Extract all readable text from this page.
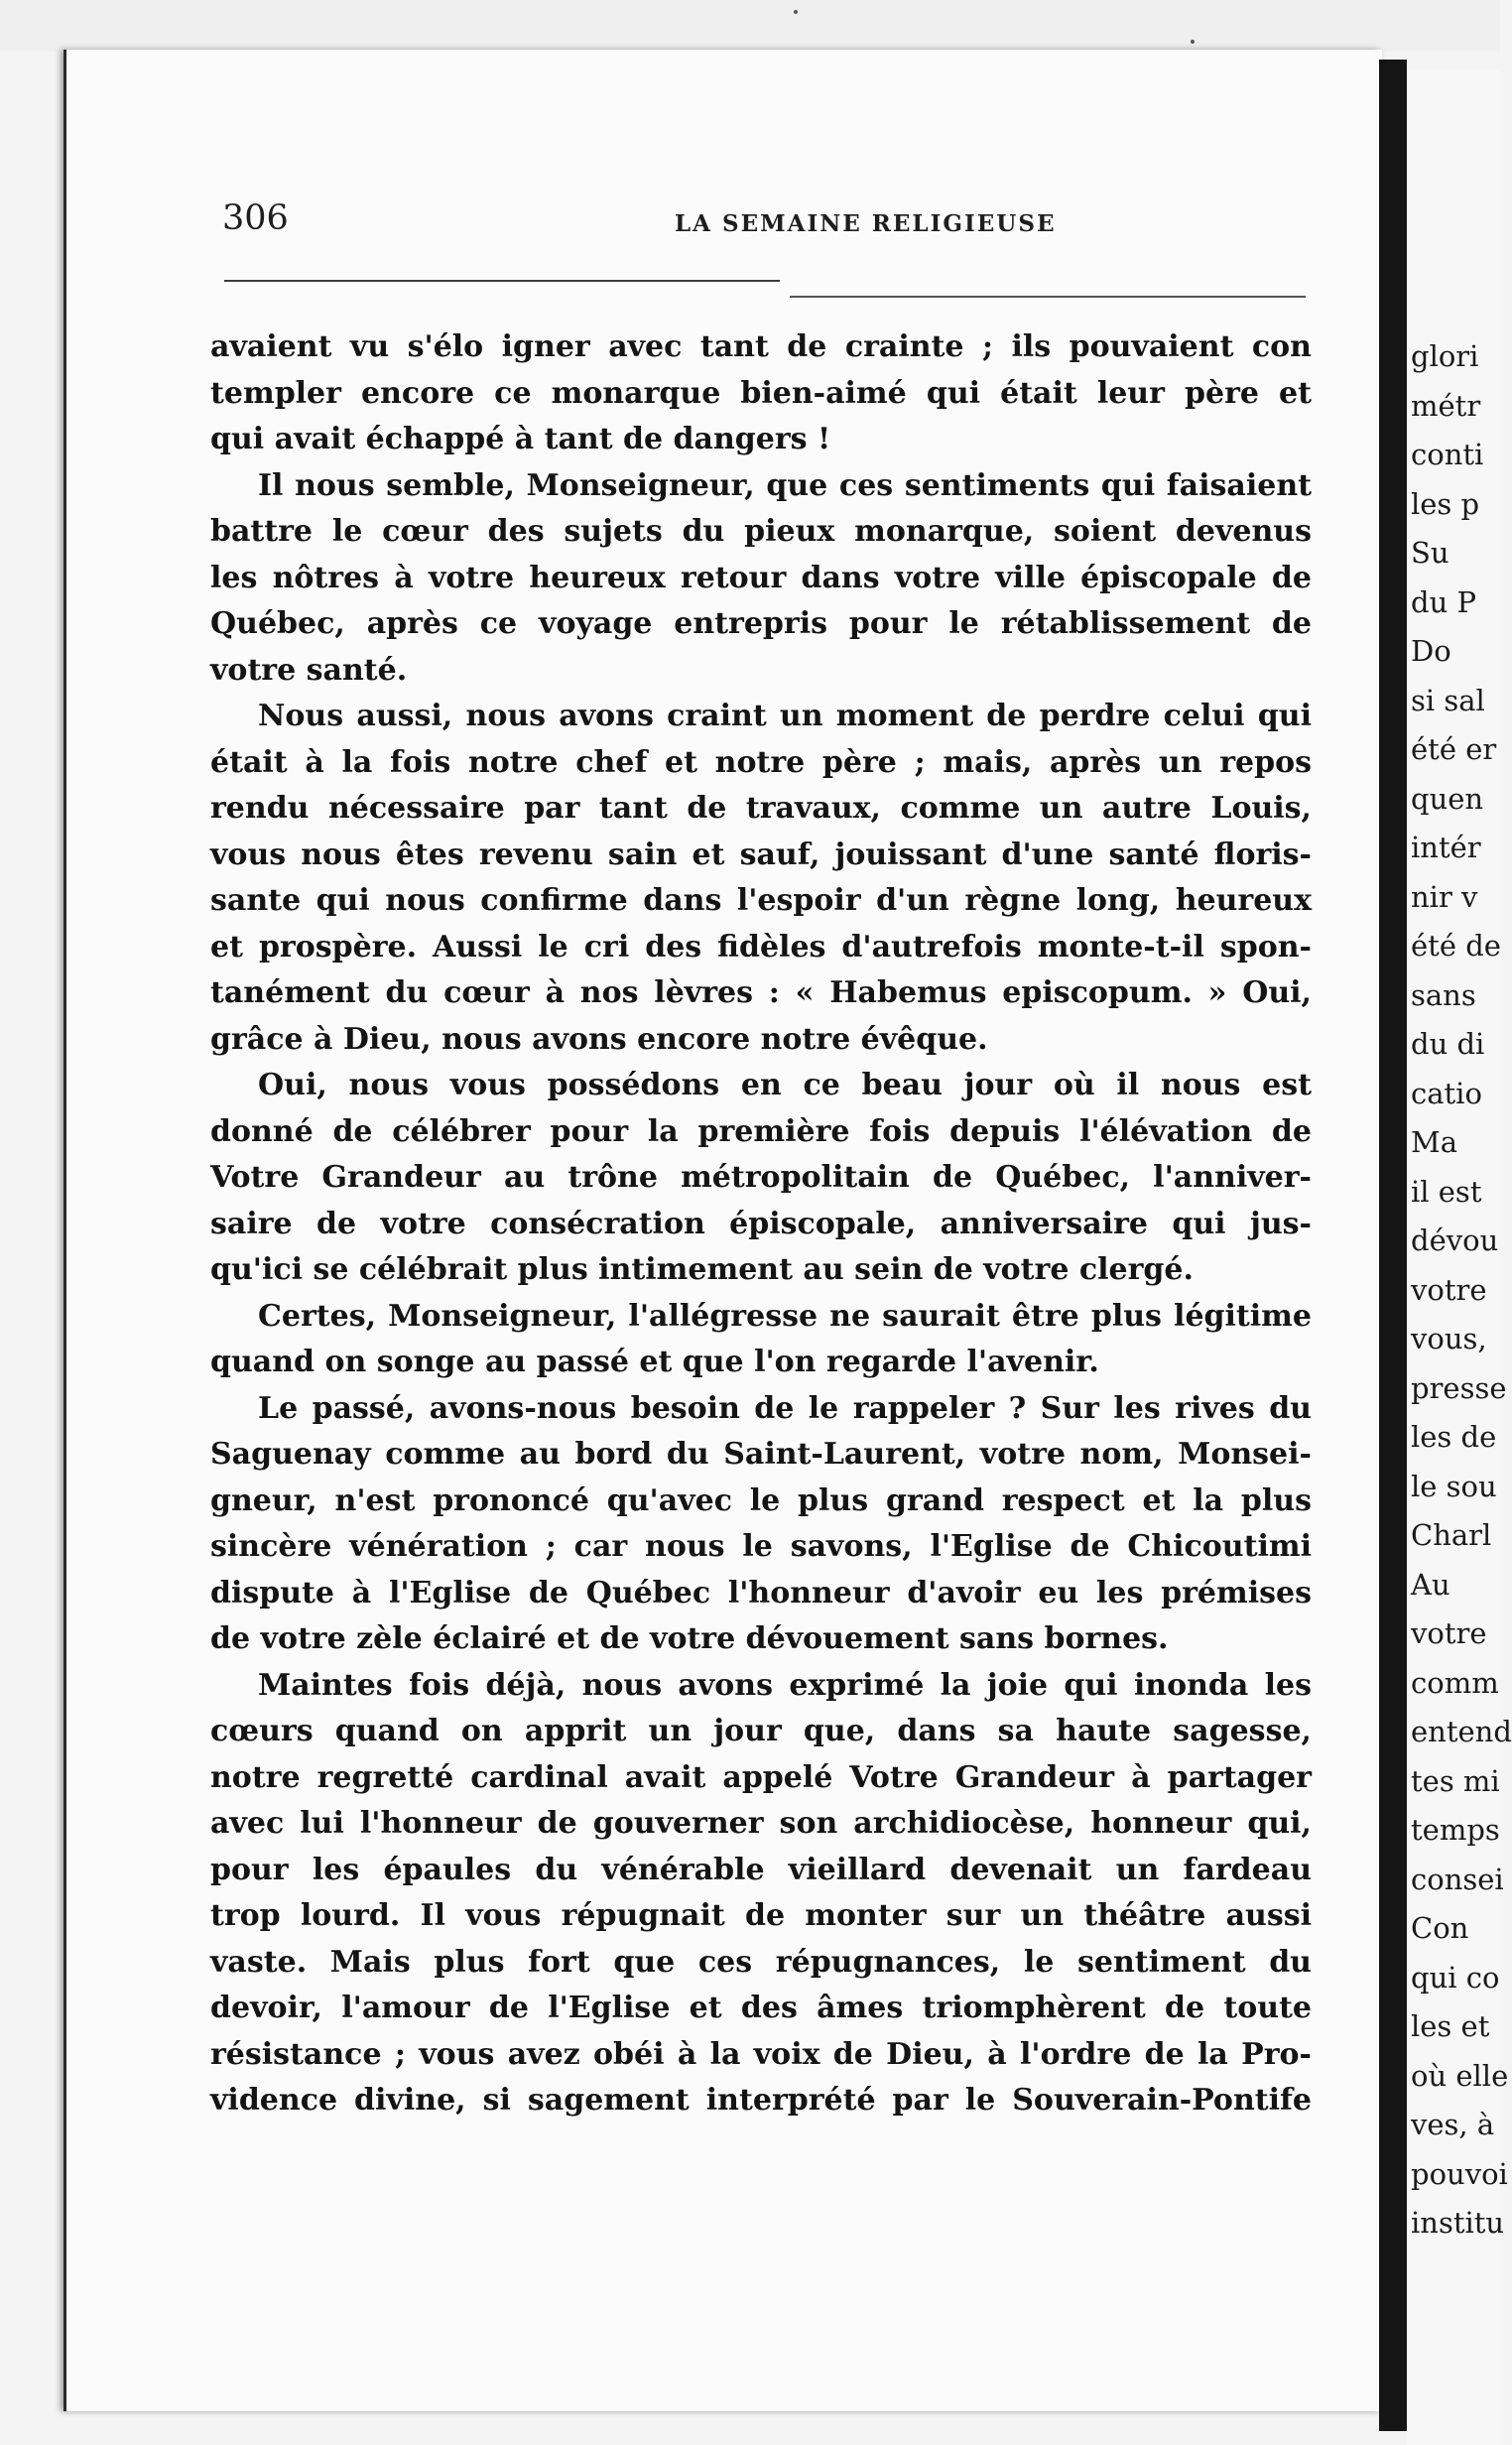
306	LA SEMAINE RELIGIEUSE
avaient vu s'élo igner avec tant de crainte ; ils pouvaient con
templer encore ce monarque bien-aimé qui était leur père et
qui avait échappé à tant de dangers !
Il nous semble, Monseigneur, que ces sentiments qui faisaient
battre le cœur des sujets du pieux monarque, soient devenus
les nôtres à votre heureux retour dans votre ville épiscopale de
Québec, après ce voyage entrepris pour le rétablissement de
votre santé.
Nous aussi, nous avons craint un moment de perdre celui qui
était à la fois notre chef et notre père ; mais, après un repos
rendu nécessaire par tant de travaux, comme un autre Louis,
vous nous êtes revenu sain et sauf, jouissant d'une santé floris-
sante qui nous confirme dans l'espoir d'un règne long, heureux
et prospère. Aussi le cri des fidèles d'autrefois monte-t-il spon-
tanément du cœur à nos lèvres : « Habemus episcopum. » Oui,
grâce à Dieu, nous avons encore notre évêque.
Oui, nous vous possédons en ce beau jour où il nous est
donné de célébrer pour la première fois depuis l'élévation de
Votre Grandeur au trône métropolitain de Québec, l'anniver-
saire de votre consécration épiscopale, anniversaire qui jus-
qu'ici se célébrait plus intimement au sein de votre clergé.
Certes, Monseigneur, l'allégresse ne saurait être plus légitime
quand on songe au passé et que l'on regarde l'avenir.
Le passé, avons-nous besoin de le rappeler ? Sur les rives du
Saguenay comme au bord du Saint-Laurent, votre nom, Monsei-
gneur, n'est prononcé qu'avec le plus grand respect et la plus
sincère vénération ; car nous le savons, l'Eglise de Chicoutimi
dispute à l'Eglise de Québec l'honneur d'avoir eu les prémises
de votre zèle éclairé et de votre dévouement sans bornes.
Maintes fois déjà, nous avons exprimé la joie qui inonda les
cœurs quand on apprit un jour que, dans sa haute sagesse,
notre regretté cardinal avait appelé Votre Grandeur à partager
avec lui l'honneur de gouverner son archidiocèse, honneur qui,
pour les épaules du vénérable vieillard devenait un fardeau
trop lourd. Il vous répugnait de monter sur un théâtre aussi
vaste. Mais plus fort que ces répugnances, le sentiment du
devoir, l'amour de l'Eglise et des âmes triomphèrent de toute
résistance ; vous avez obéi à la voix de Dieu, à l'ordre de la Pro-
vidence divine, si sagement interprété par le Souverain-Pontife
glori
métr
conti
les p
Su
du P
Do
si sal
été er
quen
intér
nir v
été de
sans
du di
catio
Ma
il est
dévou
votre
vous,
presse
les de
le sou
Charl
Au
votre
comm
entend
tes mi
temps
consei
Con
qui co
les et
où elle
ves, à
pouvoi
institu
